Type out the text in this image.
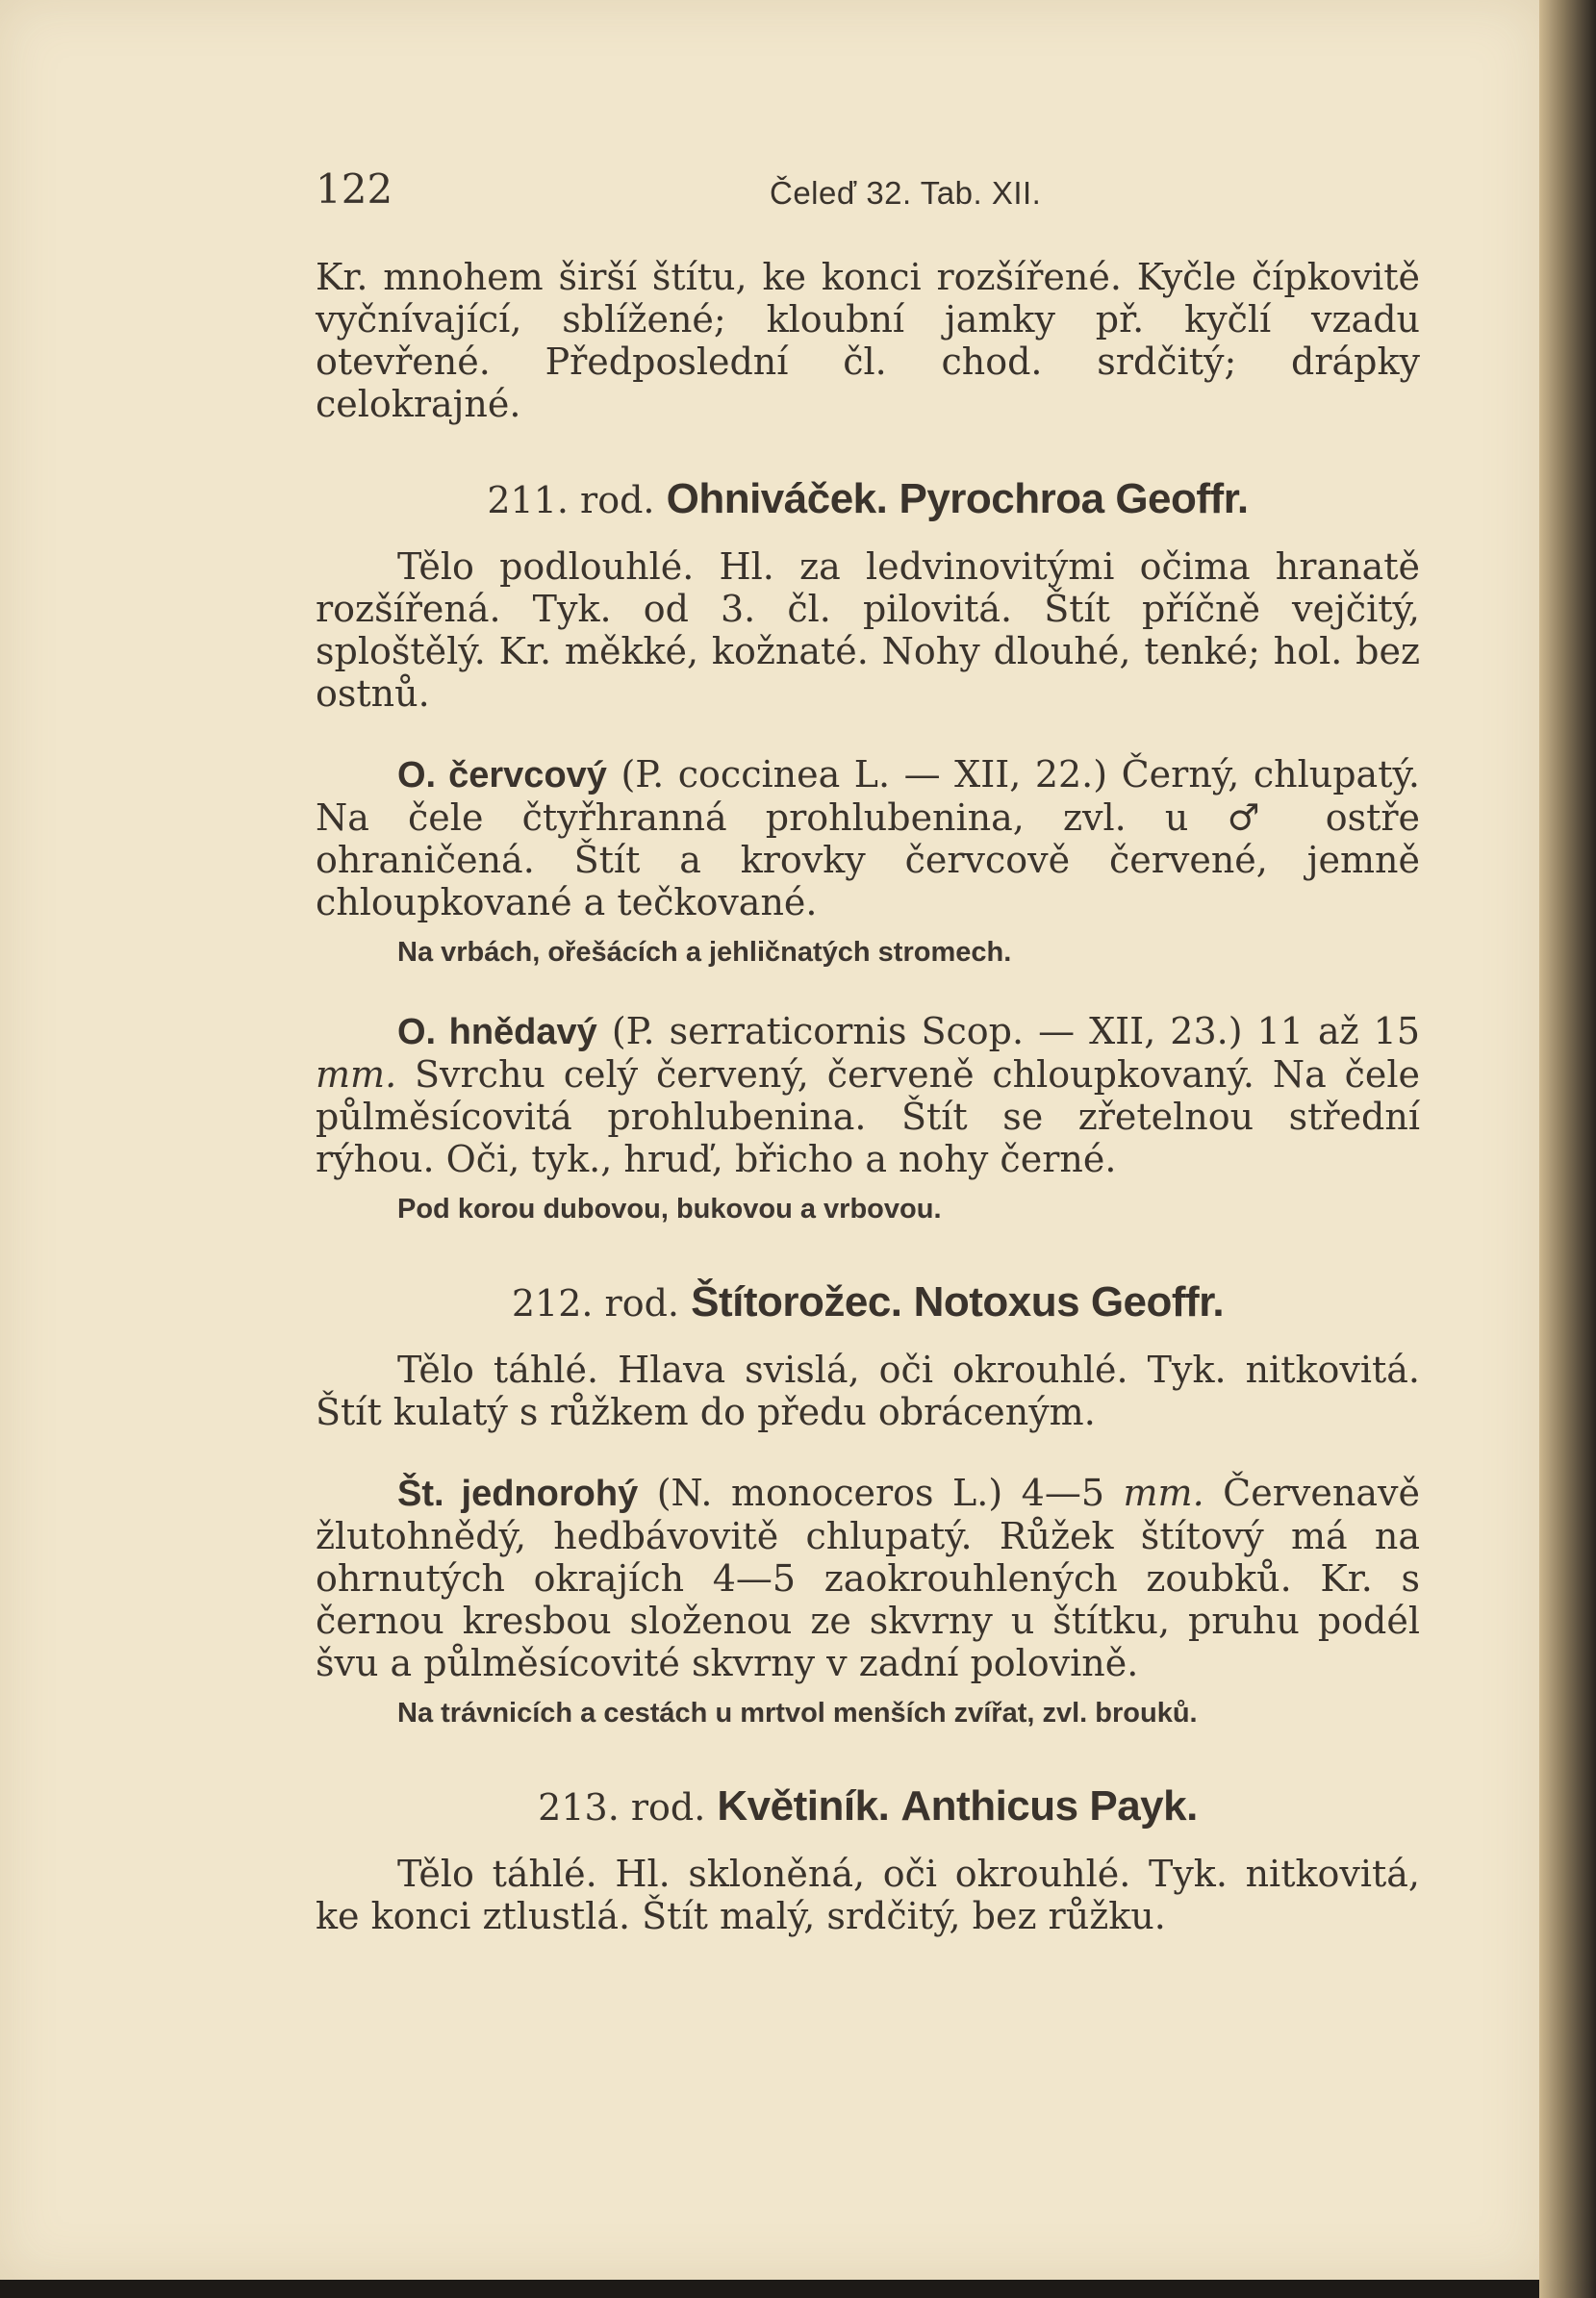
122	Čeleď 32. Tab. XII.

Kr. mnohem širší štítu, ke konci rozšířené. Kyčle čípkovitě vyčnívající, sblížené; kloubní jamky př. kyčlí vzadu otevřené. Předposlední čl. chod. srdčitý; drápky celokrajné.

211. rod. Ohniváček. Pyrochroa Geoffr.

Tělo podlouhlé. Hl. za ledvinovitými očima hranatě rozšířená. Tyk. od 3. čl. pilovitá. Štít příčně vejčitý, sploštělý. Kr. měkké, kožnaté. Nohy dlouhé, tenké; hol. bez ostnů.

O. červcový (P. coccinea L. — XII, 22.) Černý, chlupatý. Na čele čtyřhranná prohlubenina, zvl. u ♂ ostře ohraničená. Štít a krovky červcově červené, jemně chloupkované a tečkované.

Na vrbách, ořešácích a jehličnatých stromech.

O. hnědavý (P. serraticornis Scop. — XII, 23.) 11 až 15 mm. Svrchu celý červený, červeně chloupkovaný. Na čele půlměsícovitá prohlubenina. Štít se zřetelnou střední rýhou. Oči, tyk., hruď, břicho a nohy černé.

Pod korou dubovou, bukovou a vrbovou.

212. rod. Štítorožec. Notoxus Geoffr.

Tělo táhlé. Hlava svislá, oči okrouhlé. Tyk. nitkovitá. Štít kulatý s růžkem do předu obráceným.

Št. jednorohý (N. monoceros L.) 4—5 mm. Červenavě žlutohnědý, hedbávovitě chlupatý. Růžek štítový má na ohrnutých okrajích 4—5 zaokrouhlených zoubků. Kr. s černou kresbou složenou ze skvrny u štítku, pruhu podél švu a půlměsícovité skvrny v zadní polovině.

Na trávnicích a cestách u mrtvol menších zvířat, zvl. brouků.

213. rod. Květiník. Anthicus Payk.

Tělo táhlé. Hl. skloněná, oči okrouhlé. Tyk. nitkovitá, ke konci ztlustlá. Štít malý, srdčitý, bez růžku.
